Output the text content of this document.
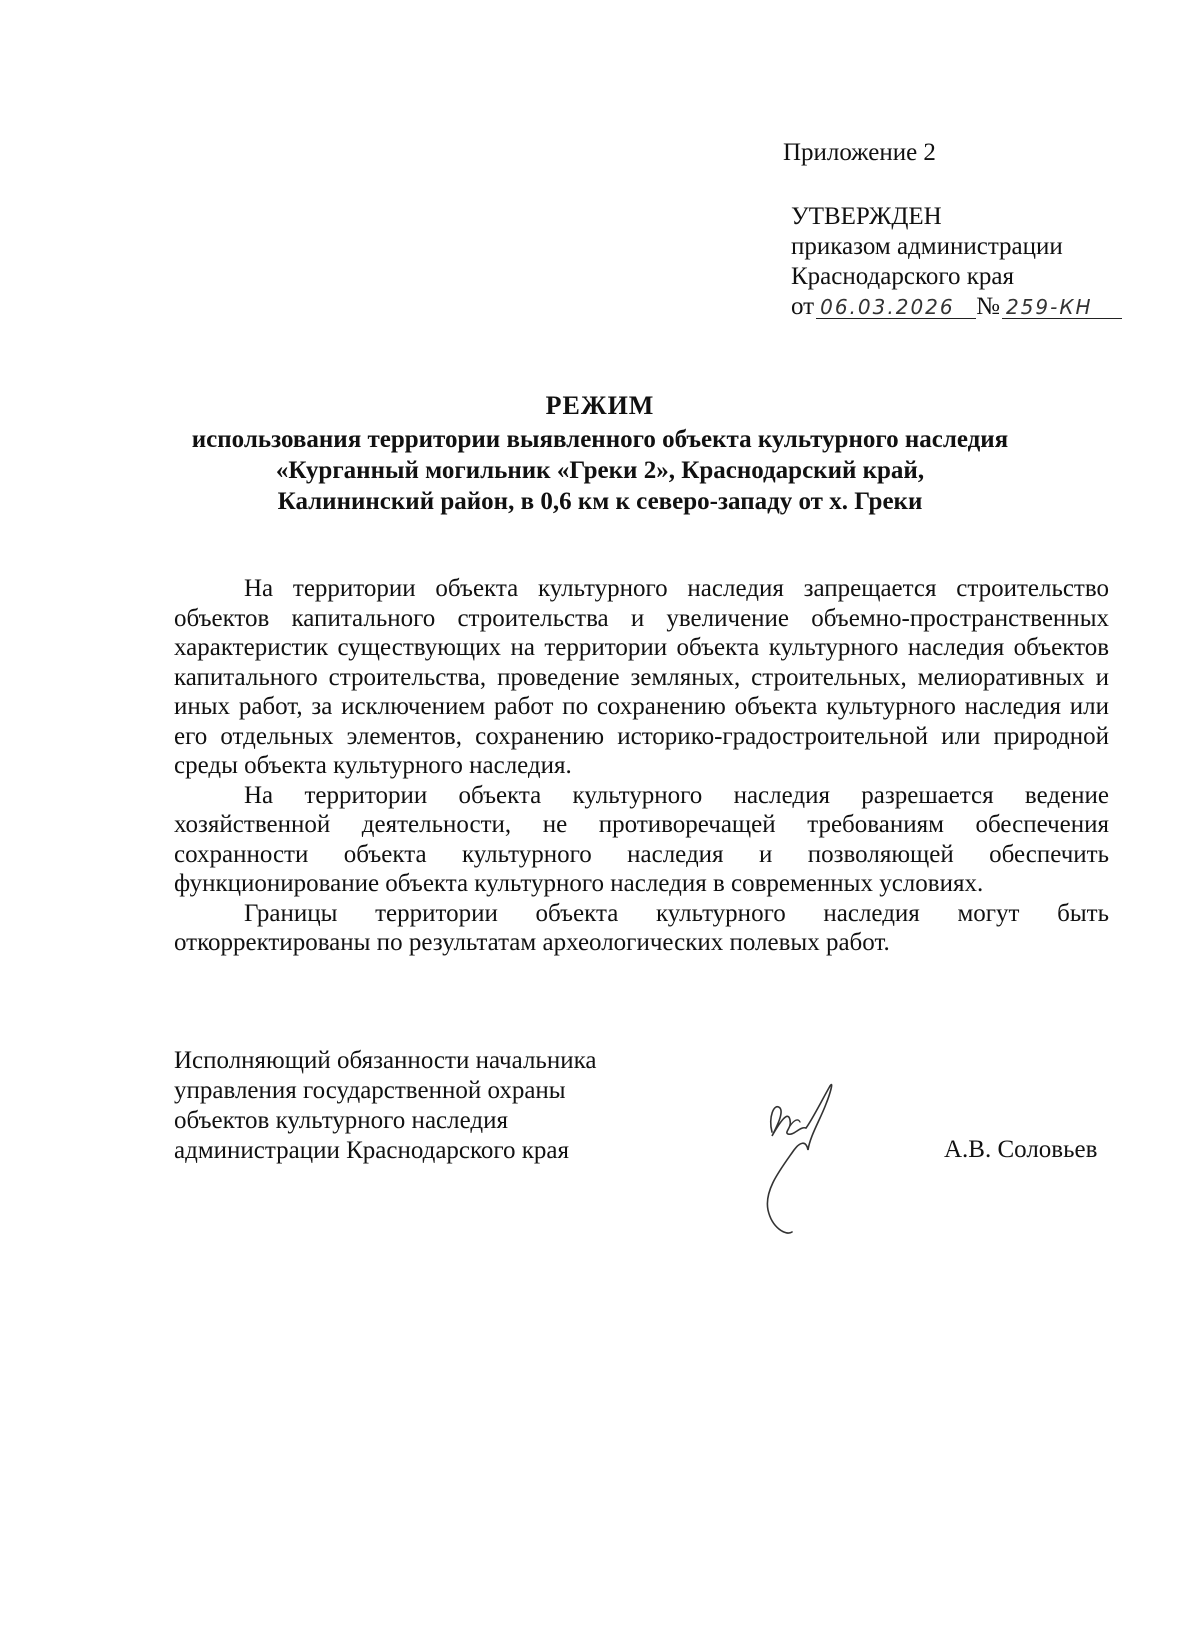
Приложение 2
УТВЕРЖДЕН
приказом администрации
Краснодарского края
от 06.03.2026 № 259-КН
РЕЖИМ
использования территории выявленного объекта культурного наследия
«Курганный могильник «Греки 2», Краснодарский край,
Калининский район, в 0,6 км к северо-западу от х. Греки

На территории объекта культурного наследия запрещается строительство объектов капитального строительства и увеличение объемно-пространственных характеристик существующих на территории объекта культурного наследия объектов капитального строительства, проведение земляных, строительных, мелиоративных и иных работ, за исключением работ по сохранению объекта культурного наследия или его отдельных элементов, сохранению историко-градостроительной или природной среды объекта культурного наследия.

На территории объекта культурного наследия разрешается ведение хозяйственной деятельности, не противоречащей требованиям обеспечения сохранности объекта культурного наследия и позволяющей обеспечить функционирование объекта культурного наследия в современных условиях.

Границы территории объекта культурного наследия могут быть откорректированы по результатам археологических полевых работ.

Исполняющий обязанности начальника
управления государственной охраны
объектов культурного наследия
администрации Краснодарского края	А.В. Соловьев
